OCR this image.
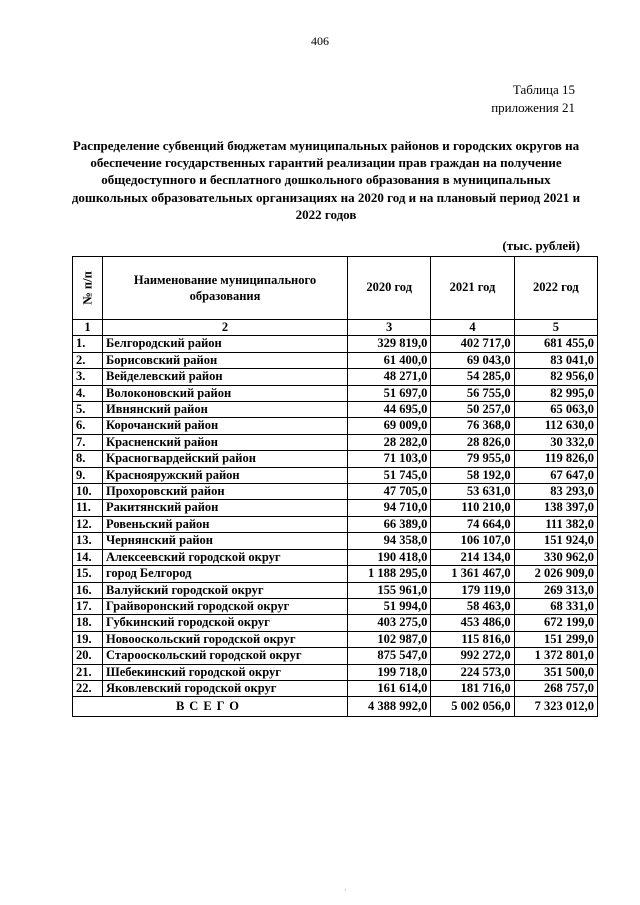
406
Таблица 15
приложения 21
Распределение субвенций бюджетам муниципальных районов и городских округов на обеспечение государственных гарантий реализации прав граждан на получение общедоступного и бесплатного дошкольного образования в муниципальных дошкольных образовательных организациях на 2020 год и на плановый период 2021 и 2022 годов
(тыс. рублей)
№ п/п	Наименование муниципального образования	2020 год	2021 год	2022 год
1	2	3	4	5
1.	Белгородский район	329 819,0	402 717,0	681 455,0
2.	Борисовский район	61 400,0	69 043,0	83 041,0
3.	Вейделевский район	48 271,0	54 285,0	82 956,0
4.	Волоконовский район	51 697,0	56 755,0	82 995,0
5.	Ивнянский район	44 695,0	50 257,0	65 063,0
6.	Корочанский район	69 009,0	76 368,0	112 630,0
7.	Красненский район	28 282,0	28 826,0	30 332,0
8.	Красногвардейский район	71 103,0	79 955,0	119 826,0
9.	Краснояружский район	51 745,0	58 192,0	67 647,0
10.	Прохоровский район	47 705,0	53 631,0	83 293,0
11.	Ракитянский район	94 710,0	110 210,0	138 397,0
12.	Ровеньский район	66 389,0	74 664,0	111 382,0
13.	Чернянский район	94 358,0	106 107,0	151 924,0
14.	Алексеевский городской округ	190 418,0	214 134,0	330 962,0
15.	город Белгород	1 188 295,0	1 361 467,0	2 026 909,0
16.	Валуйский городской округ	155 961,0	179 119,0	269 313,0
17.	Грайворонский городской округ	51 994,0	58 463,0	68 331,0
18.	Губкинский городской округ	403 275,0	453 486,0	672 199,0
19.	Новооскольский городской округ	102 987,0	115 816,0	151 299,0
20.	Старооскольский городской округ	875 547,0	992 272,0	1 372 801,0
21.	Шебекинский городской округ	199 718,0	224 573,0	351 500,0
22.	Яковлевский городской округ	161 614,0	181 716,0	268 757,0
ВСЕГО		4 388 992,0	5 002 056,0	7 323 012,0
·
